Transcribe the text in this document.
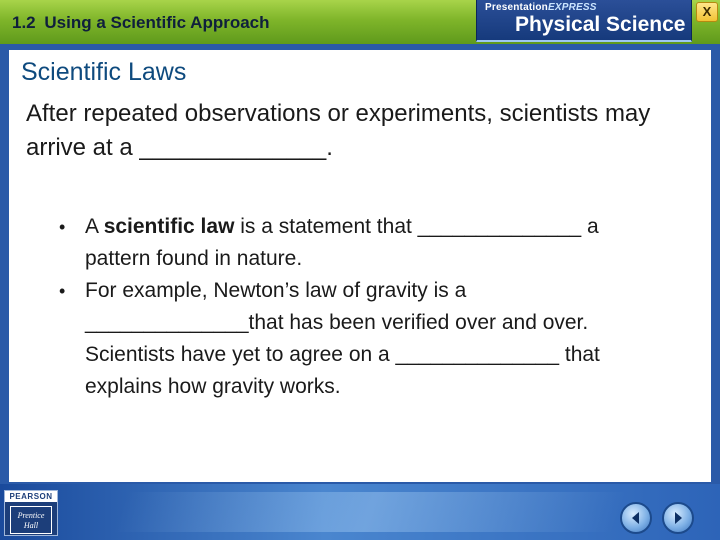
1.2 Using a Scientific Approach
PresentationEXPRESS
Physical Science
X
Scientific Laws
After repeated observations or experiments, scientists may arrive at a ______________.
• A scientific law is a statement that ______________ a pattern found in nature.
• For example, Newton’s law of gravity is a ______________that has been verified over and over. Scientists have yet to agree on a ______________ that explains how gravity works.
PEARSON
Prentice
Hall
